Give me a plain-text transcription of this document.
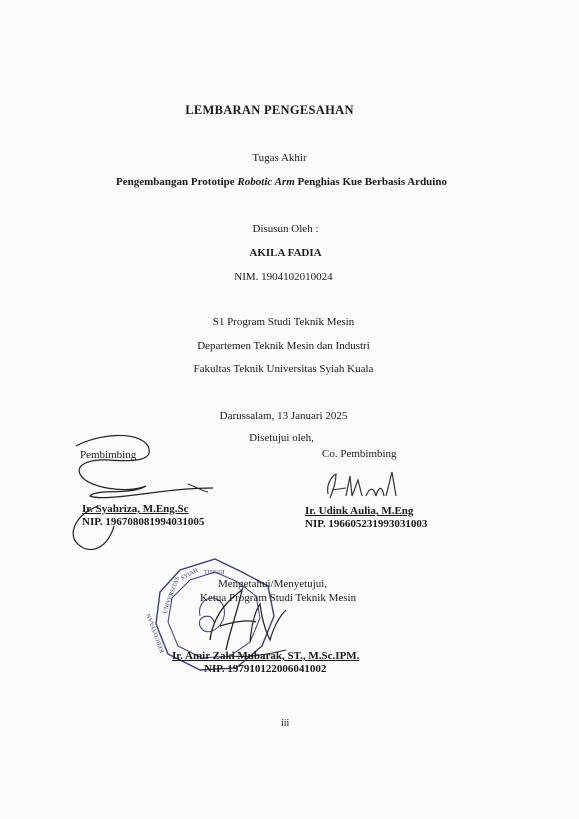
LEMBARAN PENGESAHAN
Tugas Akhir
Pengembangan Prototipe Robotic Arm Penghias Kue Berbasis Arduino
Disusun Oleh :
AKILA FADIA
NIM. 1904102010024
S1 Program Studi Teknik Mesin
Departemen Teknik Mesin dan Industri
Fakultas Teknik Universitas Syiah Kuala
Darussalam, 13 Januari 2025
Disetujui oleh,
Pembimbing
Ir. Syahriza, M.Eng.Sc
NIP. 196708081994031005
Co. Pembimbing
Ir. Udink Aulia, M.Eng
NIP. 196605231993031003
TINGGI
SYIAH
UNIVERSITAS
KEBUDAYAAN
Mengetahui/Menyetujui,
Ketua Program Studi Teknik Mesin
Ir. Amir Zaki Mubarak, ST., M.Sc.IPM.
NIP. 197910122006041002
iii
